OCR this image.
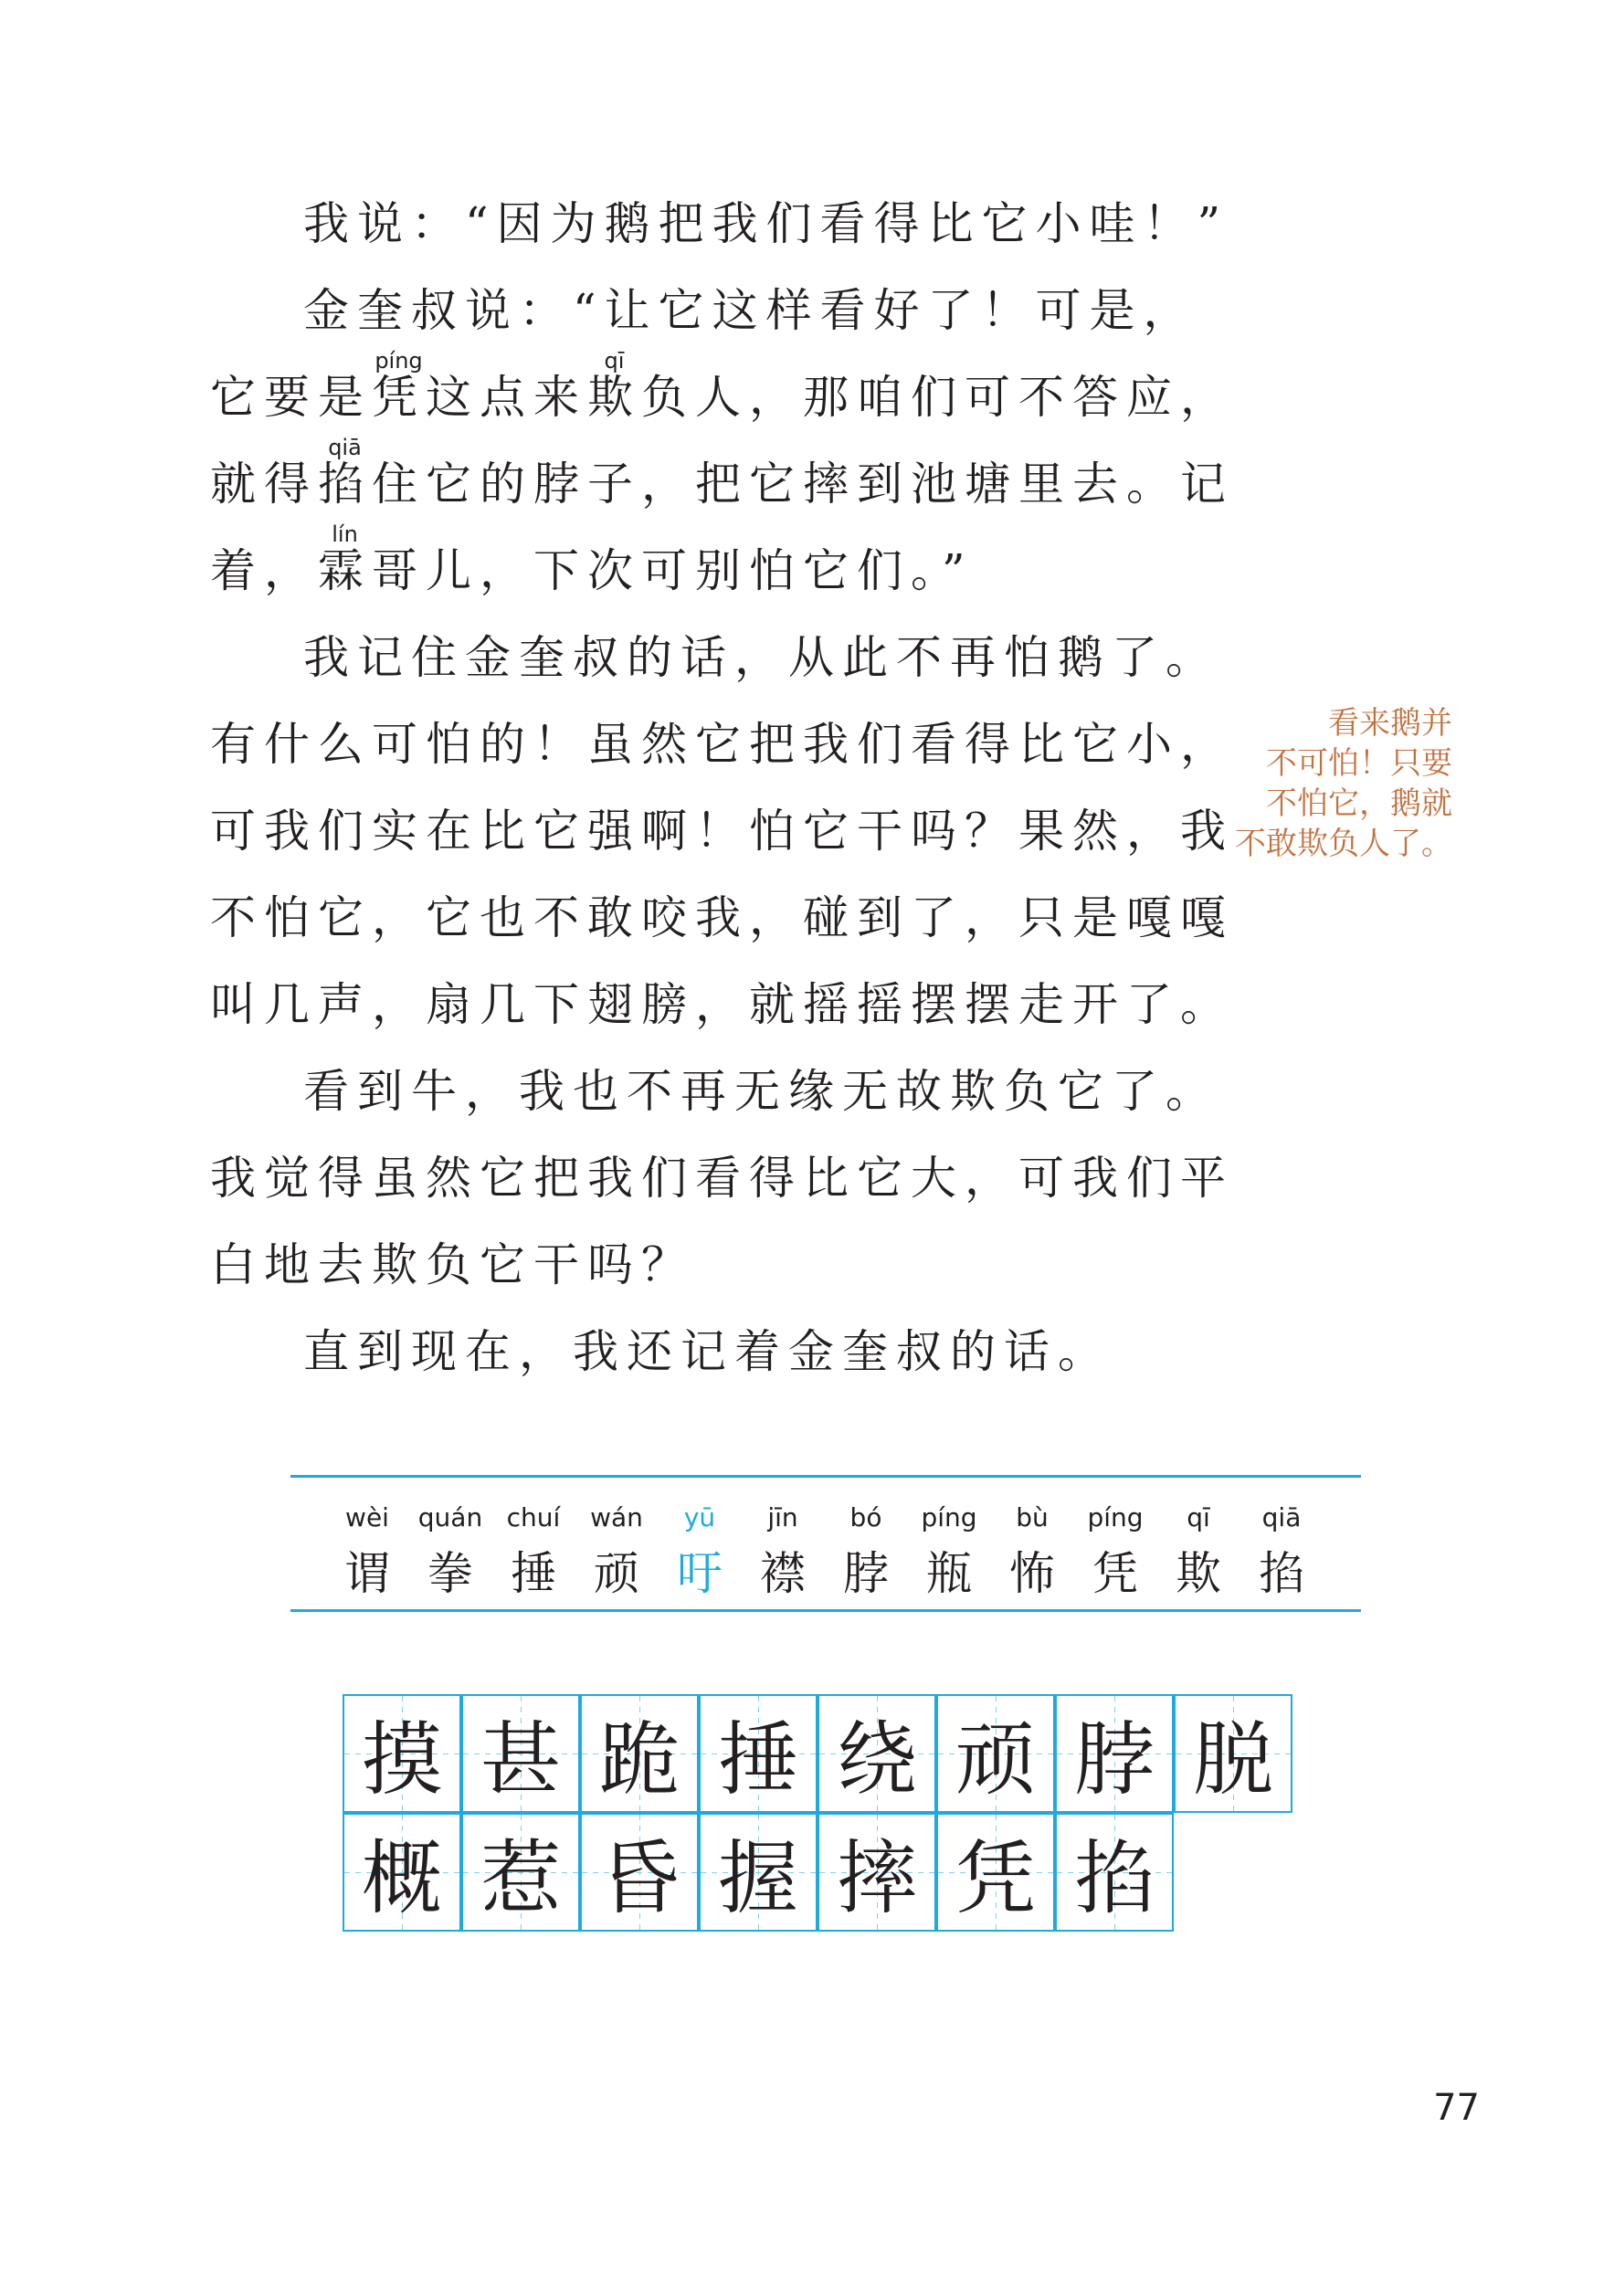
我说：“因为鹅把我们看得比它小哇！”
金奎叔说：“让它这样看好了！可是，
它要是
píng
凭这点来
qī
欺负人，那咱们可不答应，
就得
qiā
掐住它的脖子，把它摔到池塘里去。记
着，
lín
霖哥儿，下次可别怕它们。”
我记住金奎叔的话，从此不再怕鹅了。
有什么可怕的！虽然它把我们看得比它小，
可我们实在比它强啊！怕它干吗？果然，我
不怕它，它也不敢咬我，碰到了，只是嘎嘎
叫几声，扇几下翅膀，就摇摇摆摆走开了。
看到牛，我也不再无缘无故欺负它了。
我觉得虽然它把我们看得比它大，可我们平
白地去欺负它干吗？
直到现在，我还记着金奎叔的话。
看来鹅并
不可怕！只要
不怕它，鹅就
不敢欺负人了。
wèi
谓
quán
拳
chuí
捶
wán
顽
yū
吁
jīn
襟
bó
脖
píng
瓶
bù
怖
píng
凭
qī
欺
qiā
掐
摸 甚 跪 捶 绕 顽 脖 脱
概 惹 昏 握 摔 凭 掐
77
